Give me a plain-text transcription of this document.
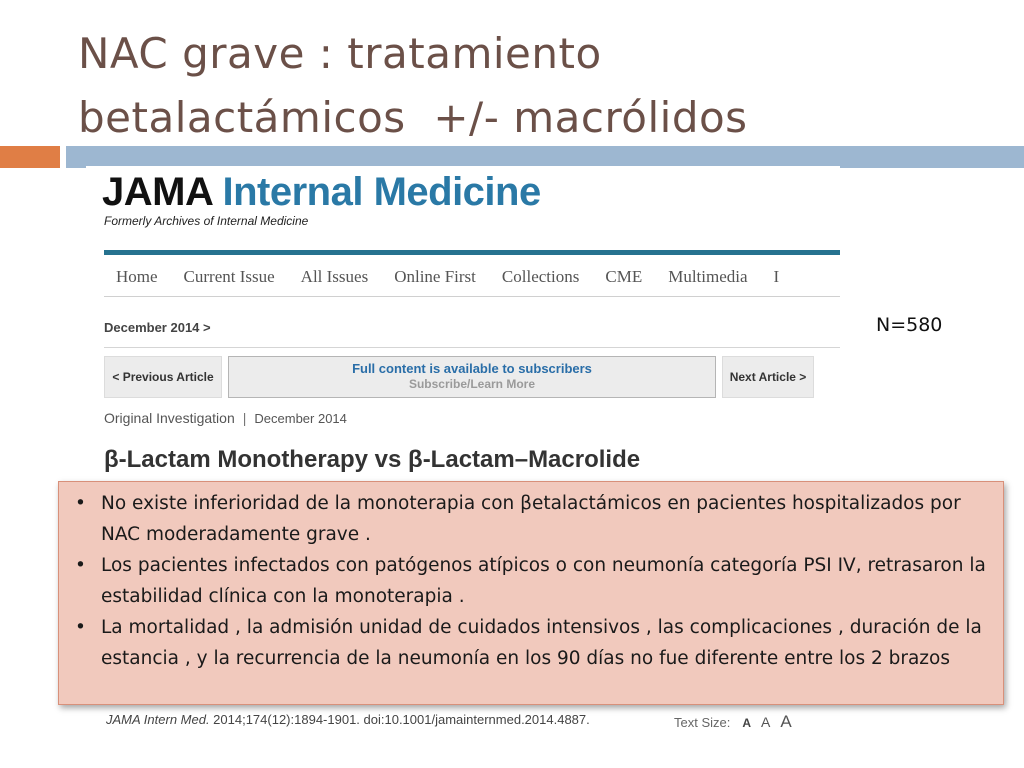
NAC grave : tratamiento
betalactámicos  +/- macrólidos
JAMA Internal Medicine
Formerly Archives of Internal Medicine
Home Current Issue All Issues Online First Collections CME Multimedia I
December 2014 >
< Previous Article
Full content is available to subscribers
Subscribe/Learn More	Next Article >
Original Investigation | December 2014
β-Lactam Monotherapy vs β-Lactam–Macrolide
JAMA Intern Med. 2014;174(12):1894-1901. doi:10.1001/jamainternmed.2014.4887.	Text Size: A A A
N=580
• No existe inferioridad de la monoterapia con βetalactámicos en pacientes hospitalizados por NAC moderadamente grave .
• Los pacientes infectados con patógenos atípicos o con neumonía categoría PSI IV, retrasaron la estabilidad clínica con la monoterapia .
• La mortalidad , la admisión unidad de cuidados intensivos , las complicaciones , duración de la estancia , y la recurrencia de la neumonía en los 90 días no fue diferente entre los 2 brazos
